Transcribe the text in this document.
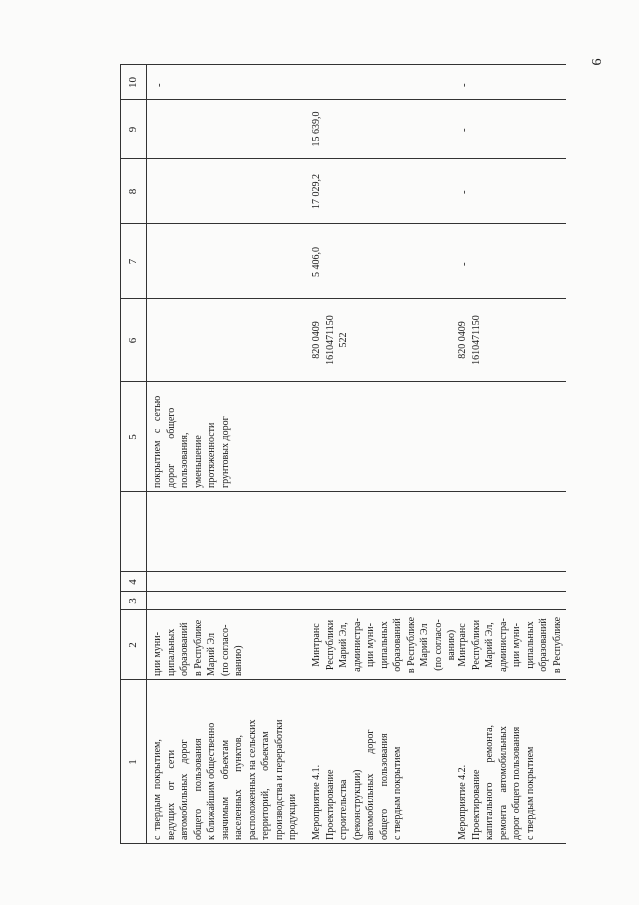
6
1
2
3
4
5
6
7
8
9
10
с  твердым  покрытием,
ведущих     от     сети
автомобильных    дорог
общего       пользования
к ближайшим общественно
значимым       объектам
населенных       пунктов,
расположенных на сельских
территорий,       объектам
производства и переработки
продукции
ции муни-
ципальных
образований
в Республике
Марий Эл
(по согласо-
ванию)
покрытием   с   сетью
дорог          общего
пользования,
уменьшение
протяженности
грунтовых дорог
-
Мероприятие 4.1.
Проектирование
строительства
(реконструкции)
автомобильных        дорог
общего         пользования
с твердым покрытием
Минтранс
Республики
Марий Эл,
администра-
ции муни-
ципальных
образований
в Республике
Марий Эл
(по согласо-
ванию)
820 0409
1610471150
522
5 406,0
17 029,2
15 639,0
Мероприятие 4.2.
Проектирование
капитального        ремонта,
ремонта     автомобильных
дорог общего пользования
с твердым покрытием
Минтранс
Республики
Марий Эл,
администра-
ции муни-
ципальных
образований
в Республике
820 0409
1610471150
-
-
-
-
